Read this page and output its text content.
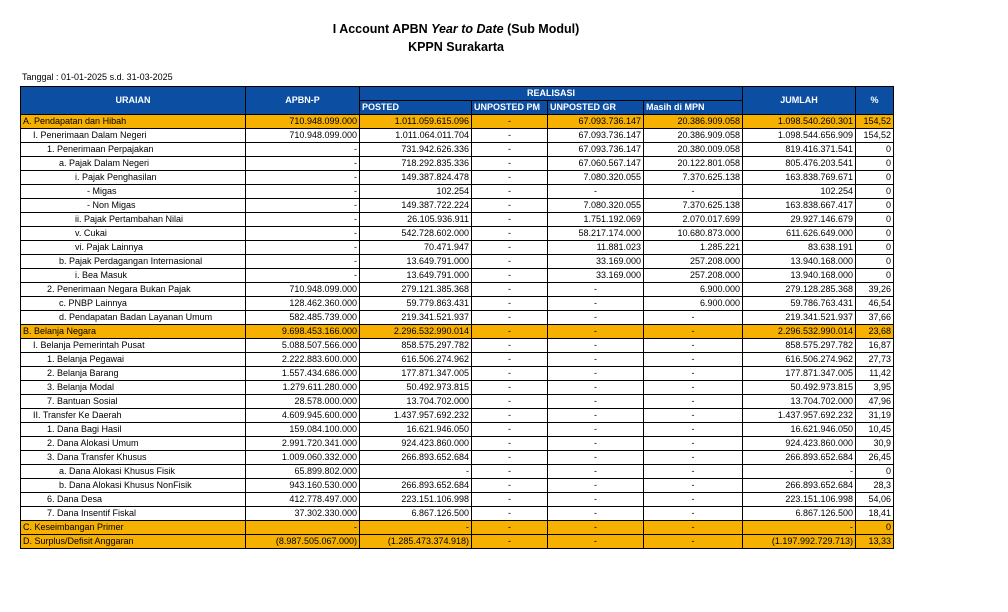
I Account APBN Year to Date (Sub Modul)
KPPN Surakarta
Tanggal : 01-01-2025 s.d. 31-03-2025
URAIAN	APBN-P	REALISASI				JUMLAH	%
		POSTED	UNPOSTED PM	UNPOSTED GR	Masih di MPN		
A. Pendapatan dan Hibah	710.948.099.000	1.011.059.615.096	-	67.093.736.147	20.386.909.058	1.098.540.260.301	154,52
I. Penerimaan Dalam Negeri	710.948.099.000	1.011.064.011.704	-	67.093.736.147	20.386.909.058	1.098.544.656.909	154,52
1. Penerimaan Perpajakan	-	731.942.626.336	-	67.093.736.147	20.380.009.058	819.416.371.541	0
a. Pajak Dalam Negeri	-	718.292.835.336	-	67.060.567.147	20.122.801.058	805.476.203.541	0
i. Pajak Penghasilan	-	149.387.824.478	-	7.080.320.055	7.370.625.138	163.838.769.671	0
- Migas	-	102.254	-	-	-	102.254	0
- Non Migas	-	149.387.722.224	-	7.080.320.055	7.370.625.138	163.838.667.417	0
ii. Pajak Pertambahan Nilai	-	26.105.936.911	-	1.751.192.069	2.070.017.699	29.927.146.679	0
v. Cukai	-	542.728.602.000	-	58.217.174.000	10.680.873.000	611.626.649.000	0
vi. Pajak Lainnya	-	70.471.947	-	11.881.023	1.285.221	83.638.191	0
b. Pajak Perdagangan Internasional	-	13.649.791.000	-	33.169.000	257.208.000	13.940.168.000	0
i. Bea Masuk	-	13.649.791.000	-	33.169.000	257.208.000	13.940.168.000	0
2. Penerimaan Negara Bukan Pajak	710.948.099.000	279.121.385.368	-	-	6.900.000	279.128.285.368	39,26
c. PNBP Lainnya	128.462.360.000	59.779.863.431	-	-	6.900.000	59.786.763.431	46,54
d. Pendapatan Badan Layanan Umum	582.485.739.000	219.341.521.937	-	-	-	219.341.521.937	37,66
B. Belanja Negara	9.698.453.166.000	2.296.532.990.014	-	-	-	2.296.532.990.014	23,68
I. Belanja Pemerintah Pusat	5.088.507.566.000	858.575.297.782	-	-	-	858.575.297.782	16,87
1. Belanja Pegawai	2.222.883.600.000	616.506.274.962	-	-	-	616.506.274.962	27,73
2. Belanja Barang	1.557.434.686.000	177.871.347.005	-	-	-	177.871.347.005	11,42
3. Belanja Modal	1.279.611.280.000	50.492.973.815	-	-	-	50.492.973.815	3,95
7. Bantuan Sosial	28.578.000.000	13.704.702.000	-	-	-	13.704.702.000	47,96
II. Transfer Ke Daerah	4.609.945.600.000	1.437.957.692.232	-	-	-	1.437.957.692.232	31,19
1. Dana Bagi Hasil	159.084.100.000	16.621.946.050	-	-	-	16.621.946.050	10,45
2. Dana Alokasi Umum	2.991.720.341.000	924.423.860.000	-	-	-	924.423.860.000	30,9
3. Dana Transfer Khusus	1.009.060.332.000	266.893.652.684	-	-	-	266.893.652.684	26,45
a. Dana Alokasi Khusus Fisik	65.899.802.000	-	-	-	-	-	0
b. Dana Alokasi Khusus NonFisik	943.160.530.000	266.893.652.684	-	-	-	266.893.652.684	28,3
6. Dana Desa	412.778.497.000	223.151.106.998	-	-	-	223.151.106.998	54,06
7. Dana Insentif Fiskal	37.302.330.000	6.867.126.500	-	-	-	6.867.126.500	18,41
C. Keseimbangan Primer	-	-	-	-	-	-	0
D. Surplus/Defisit Anggaran	(8.987.505.067.000)	(1.285.473.374.918)	-	-	-	(1.197.992.729.713)	13,33
